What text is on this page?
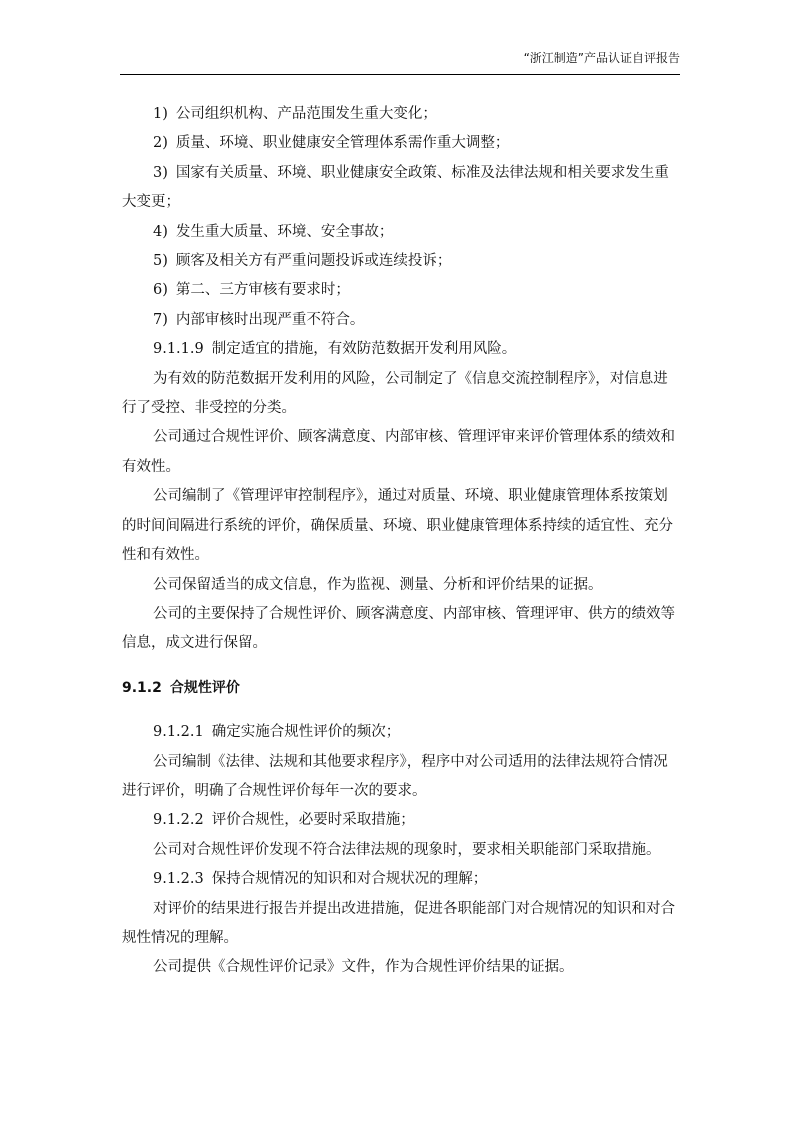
“浙江制造”产品认证自评报告

1) 公司组织机构、产品范围发生重大变化；

2) 质量、环境、职业健康安全管理体系需作重大调整；

3) 国家有关质量、环境、职业健康安全政策、标准及法律法规和相关要求发生重大变更；

4) 发生重大质量、环境、安全事故；

5) 顾客及相关方有严重问题投诉或连续投诉；

6) 第二、三方审核有要求时；

7) 内部审核时出现严重不符合。

9.1.1.9 制定适宜的措施，有效防范数据开发利用风险。

为有效的防范数据开发利用的风险，公司制定了《信息交流控制程序》，对信息进行了受控、非受控的分类。

公司通过合规性评价、顾客满意度、内部审核、管理评审来评价管理体系的绩效和有效性。

公司编制了《管理评审控制程序》，通过对质量、环境、职业健康管理体系按策划的时间间隔进行系统的评价，确保质量、环境、职业健康管理体系持续的适宜性、充分性和有效性。

公司保留适当的成文信息，作为监视、测量、分析和评价结果的证据。

公司的主要保持了合规性评价、顾客满意度、内部审核、管理评审、供方的绩效等信息，成文进行保留。

9.1.2 合规性评价

9.1.2.1 确定实施合规性评价的频次；

公司编制《法律、法规和其他要求程序》，程序中对公司适用的法律法规符合情况进行评价，明确了合规性评价每年一次的要求。

9.1.2.2 评价合规性，必要时采取措施；

公司对合规性评价发现不符合法律法规的现象时，要求相关职能部门采取措施。

9.1.2.3 保持合规情况的知识和对合规状况的理解；

对评价的结果进行报告并提出改进措施，促进各职能部门对合规情况的知识和对合规性情况的理解。

公司提供《合规性评价记录》文件，作为合规性评价结果的证据。
